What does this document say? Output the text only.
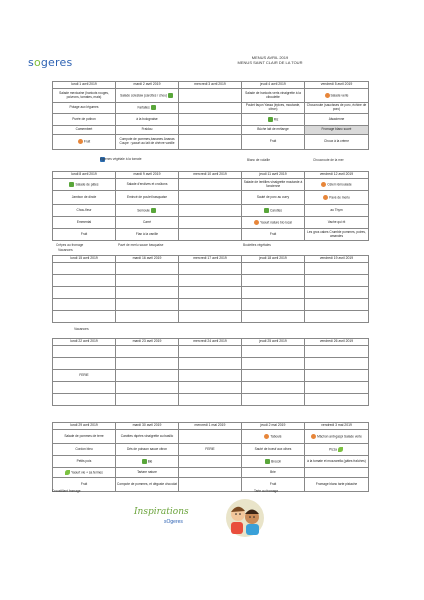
sogeres	MENUS AVRIL 2019
MENUS SAINT CLAIR DE LA TOUR
lundi 1 avril 2019	mardi 2 avril 2019	mercredi 3 avril 2019	jeudi 4 avril 2019	vendredi 5 avril 2019
Salade mexicaine (haricots rouges, poivrons, tomates, mais)	Salade coleslaw (carottes / chou)		Salade de haricots verts vinaigrette à la ciboulette	Salade verte
Potage aux légumes	Farfalles		Poulet façon Yassa (épices, moutarde, citron)	Choucroute (saucisses de porc, échine de porc)
Purée de potiron	à la bolognaise		Riz	Alsacienne
Camembert	Fraidou		Bûche lait de mélange	Fromage blanc sucré
Fruit	Compote de pommes,bananes Ananas Coupe : yaourt au lait de chèvre vanille		Fruit	Choux à la crème
Egrenes végétale à la tomate	Blanc de volaille	Choucroute de la mer
lundi 8 avril 2019	mardi 9 avril 2019	mercredi 10 avril 2019	jeudi 11 avril 2019	vendredi 12 avril 2019
Salade de pâtes	Salade d'endives et croûtons		Salade de lentilles vinaigrette moutarde à l'ancienne	Céleri rémoulade
Jambon de dinde	Emincé de poulet basquaise		Sauté de porc au curry	Pavé de merlu
Chou-fleur	Semoule		Carottes	au Thym
Emmental	Carré		Yaourt nature bio local	Vache qui rit
Fruit	Flan à la vanille		Fruit	Les gros cakes Crumble pommes, poires, amandes
Crêpes au fromage	Pavé de merlu sauce basquaise	Boulettes végétales
Vacances
lundi 15 avril 2019	mardi 16 avril 2019	mercredi 17 avril 2019	jeudi 18 avril 2019	vendredi 19 avril 2019

Vacances
lundi 22 avril 2019	mardi 23 avril 2019	mercredi 24 avril 2019	jeudi 25 avril 2019	vendredi 26 avril 2019

FERIE				

lundi 29 avril 2019	mardi 30 avril 2019	mercredi 1 mai 2019	jeudi 2 mai 2019	vendredi 3 mai 2019
Salade de pommes de terre	Carottes râpées vinaigrette au basilic		Taboulé	Mâchon anti-gaspi Salade verte
Cordon bleu	Dés de poisson sauce citron	FERIE	Sauté de boeuf aux olives	Pizza
Petits pois	Blé		Brocoli	à la tomate et mozzarella (pâtes fraîches)
Yaourt vie + sa fermes	Tartare nature		Brie	
Fruit	Compote de pommes, et déguste chocolat		Fruit	Fromage blanc tarte pistache
Croustillant fromage	Tarte au fromage
Inspirations
sOgeres
